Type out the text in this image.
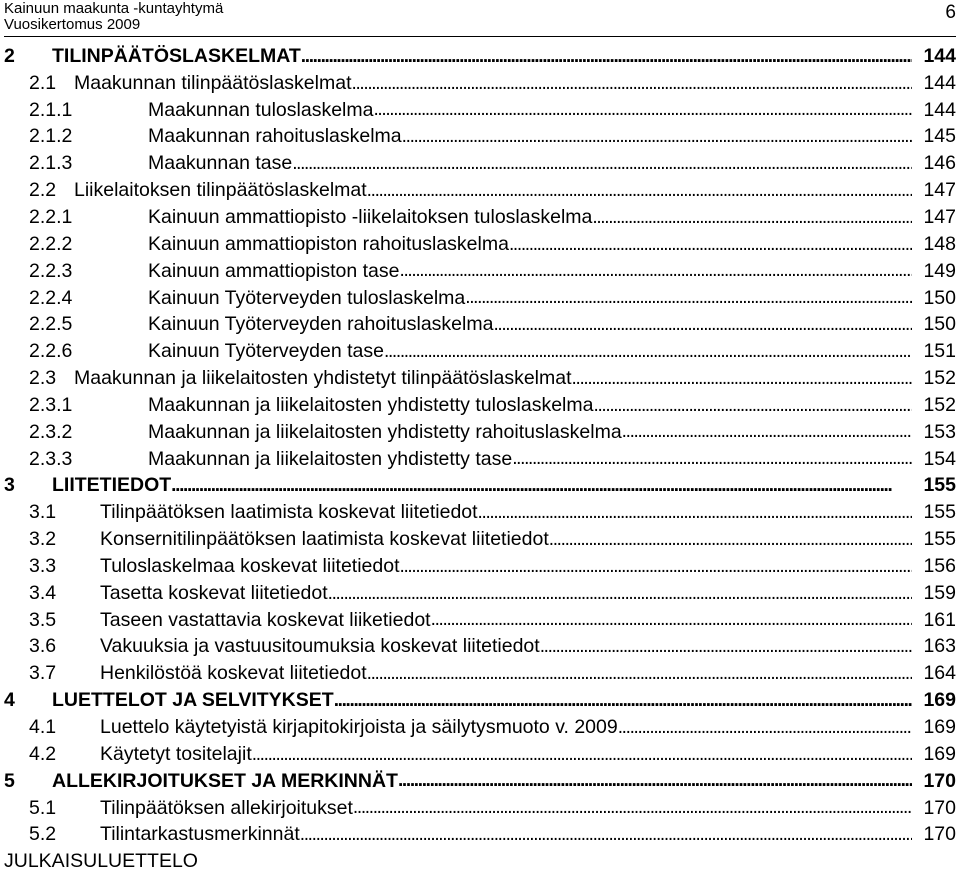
Kainuun maakunta -kuntayhtymä
Vuosikertomus 2009
6
2	TILINPÄÄTÖSLASKELMAT . . .	144
2.1 Maakunnan tilinpäätöslaskelmat . . .	144
2.1.1	Maakunnan tuloslaskelma . . .	144
2.1.2	Maakunnan rahoituslaskelma . . .	145
2.1.3	Maakunnan tase . . .	146
2.2 Liikelaitoksen tilinpäätöslaskelmat . . .	147
2.2.1	Kainuun ammattiopisto -liikelaitoksen tuloslaskelma . . .	147
2.2.2	Kainuun ammattiopiston rahoituslaskelma . . .	148
2.2.3	Kainuun ammattiopiston tase . . .	149
2.2.4	Kainuun Työterveyden tuloslaskelma . . .	150
2.2.5	Kainuun Työterveyden rahoituslaskelma . . .	150
2.2.6	Kainuun Työterveyden tase . . .	151
2.3 Maakunnan ja liikelaitosten yhdistetyt tilinpäätöslaskelmat . . .	152
2.3.1	Maakunnan ja liikelaitosten yhdistetty tuloslaskelma . . .	152
2.3.2	Maakunnan ja liikelaitosten yhdistetty rahoituslaskelma . . .	153
2.3.3	Maakunnan ja liikelaitosten yhdistetty tase . . .	154
3	LIITETIEDOT . . .	155
3.1	Tilinpäätöksen laatimista koskevat liitetiedot . . .	155
3.2	Konsernitilinpäätöksen laatimista koskevat liitetiedot . . .	155
3.3	Tuloslaskelmaa koskevat liitetiedot . . .	156
3.4	Tasetta koskevat liitetiedot . . .	159
3.5	Taseen vastattavia koskevat liiketiedot . . .	161
3.6	Vakuuksia ja vastuusitoumuksia koskevat liitetiedot . . .	163
3.7	Henkilöstöä koskevat liitetiedot . . .	164
4	LUETTELOT JA SELVITYKSET . . .	169
4.1	Luettelo käytetyistä kirjapitokirjoista ja säilytysmuoto v. 2009 . . .	169
4.2	Käytetyt tositelajit . . .	169
5	ALLEKIRJOITUKSET JA MERKINNÄT . . .	170
5.1	Tilinpäätöksen allekirjoitukset . . .	170
5.2	Tilintarkastusmerkinnät . . .	170
JULKAISULUETTELO
